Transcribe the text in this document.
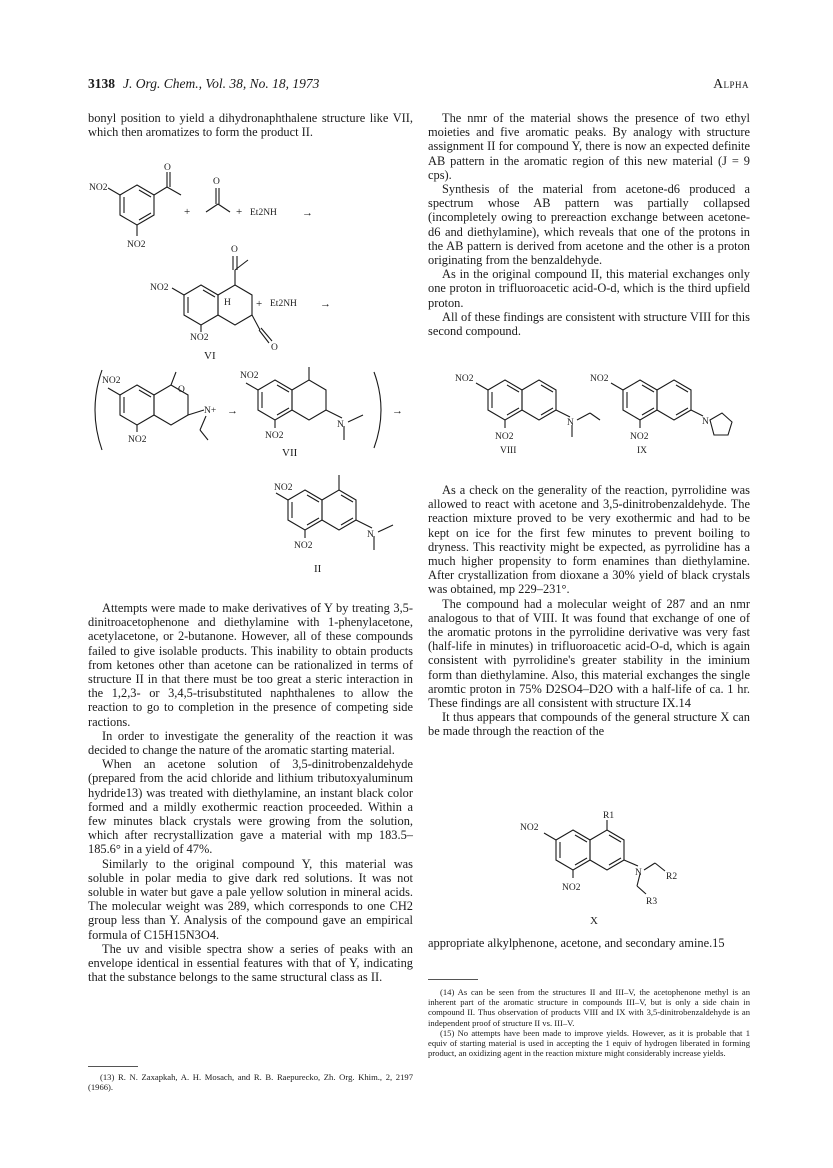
3138 J. Org. Chem., Vol. 38, No. 18, 1973	Alpha

bonyl position to yield a dihydronaphthalene structure like VII, which then aromatizes to form the product II.

NO2
O
NO2
+
O
+ Et2NH →
NO2
O
H
NO2
O
+ Et2NH →
VI
NO2
O
N+
NO2
→
NO2
N
NO2
→
VII
NO2
N
NO2
II

Attempts were made to make derivatives of Y by treating 3,5-dinitroacetophenone and diethylamine with 1-phenylacetone, acetylacetone, or 2-butanone. However, all of these compounds failed to give isolable products. This inability to obtain products from ketones other than acetone can be rationalized in terms of structure II in that there must be too great a steric interaction in the 1,2,3- or 3,4,5-trisubstituted naphthalenes to allow the reaction to go to completion in the presence of competing side ractions.

In order to investigate the generality of the reaction it was decided to change the nature of the aromatic starting material.

When an acetone solution of 3,5-dinitrobenzaldehyde (prepared from the acid chloride and lithium tributoxyaluminum hydride13) was treated with diethylamine, an instant black color formed and a mildly exothermic reaction proceeded. Within a few minutes black crystals were growing from the solution, which after recrystallization gave a material with mp 183.5–185.6° in a yield of 47%.

Similarly to the original compound Y, this material was soluble in polar media to give dark red solutions. It was not soluble in water but gave a pale yellow solution in mineral acids. The molecular weight was 289, which corresponds to one CH2 group less than Y. Analysis of the compound gave an empirical formula of C15H15N3O4.

The uv and visible spectra show a series of peaks with an envelope identical in essential features with that of Y, indicating that the substance belongs to the same structural class as II.

(13) R. N. Zaxapkah, A. H. Mosach, and R. B. Raepurecko, Zh. Org. Khim., 2, 2197 (1966).

The nmr of the material shows the presence of two ethyl moieties and five aromatic peaks. By analogy with structure assignment II for compound Y, there is now an expected definite AB pattern in the aromatic region of this new material (J = 9 cps).

Synthesis of the material from acetone-d6 produced a spectrum whose AB pattern was partially collapsed (incompletely owing to prereaction exchange between acetone-d6 and diethylamine), which reveals that one of the protons in the AB pattern is derived from acetone and the other is a proton originating from the benzaldehyde.

As in the original compound II, this material exchanges only one proton in trifluoroacetic acid-O-d, which is the third upfield proton.

All of these findings are consistent with structure VIII for this second compound.

NO2
N
NO2
VIII
NO2
N
NO2
IX

As a check on the generality of the reaction, pyrrolidine was allowed to react with acetone and 3,5-dinitrobenzaldehyde. The reaction mixture proved to be very exothermic and had to be kept on ice for the first few minutes to prevent boiling to dryness. This reactivity might be expected, as pyrrolidine has a much higher propensity to form enamines than diethylamine. After crystallization from dioxane a 30% yield of black crystals was obtained, mp 229–231°.

The compound had a molecular weight of 287 and an nmr analogous to that of VIII. It was found that exchange of one of the aromatic protons in the pyrrolidine derivative was very fast (half-life in minutes) in trifluoroacetic acid-O-d, which is again consistent with pyrrolidine's greater stability in the iminium form than diethylamine. Also, this material exchanges the single aromtic proton in 75% D2SO4–D2O with a half-life of ca. 1 hr. These findings are all consistent with structure IX.14

It thus appears that compounds of the general structure X can be made through the reaction of the

R1
NO2
N	R2
NO2
R3
X

appropriate alkylphenone, acetone, and secondary amine.15

(14) As can be seen from the structures II and III–V, the acetophenone methyl is an inherent part of the aromatic structure in compounds III–V, but is only a side chain in compound II. Thus observation of products VIII and IX with 3,5-dinitrobenzaldehyde is an independent proof of structure II vs. III–V.

(15) No attempts have been made to improve yields. However, as it is probable that 1 equiv of starting material is used in accepting the 1 equiv of hydrogen liberated in forming product, an oxidizing agent in the reaction mixture might considerably increase yields.
